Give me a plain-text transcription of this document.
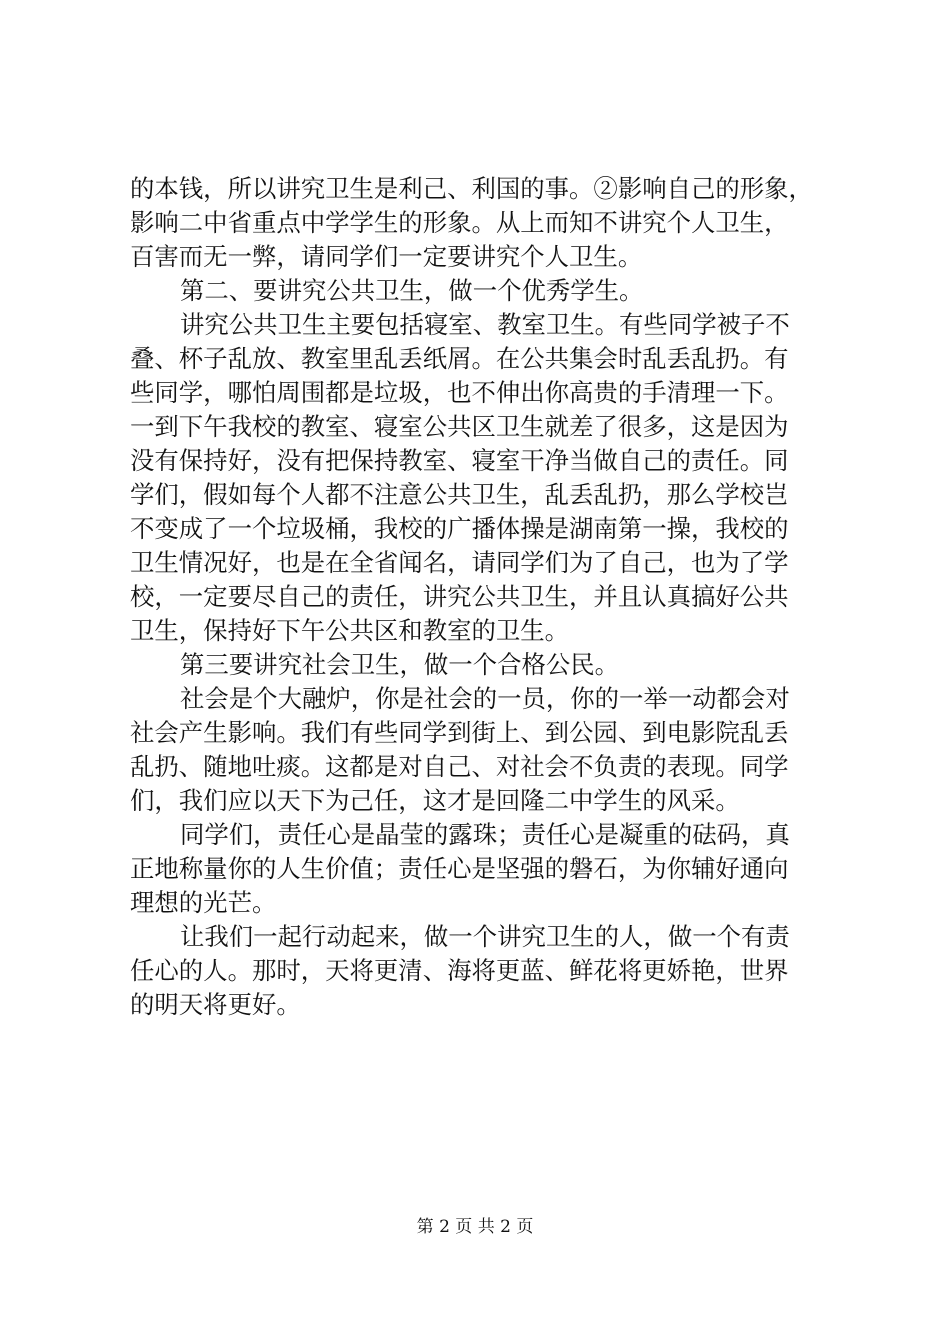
的本钱，所以讲究卫生是利己、利国的事。②影响自己的形象，
影响二中省重点中学学生的形象。从上而知不讲究个人卫生，
百害而无一弊，请同学们一定要讲究个人卫生。
第二、要讲究公共卫生，做一个优秀学生。
讲究公共卫生主要包括寝室、教室卫生。有些同学被子不
叠、杯子乱放、教室里乱丢纸屑。在公共集会时乱丢乱扔。有
些同学，哪怕周围都是垃圾，也不伸出你高贵的手清理一下。
一到下午我校的教室、寝室公共区卫生就差了很多，这是因为
没有保持好，没有把保持教室、寝室干净当做自己的责任。同
学们，假如每个人都不注意公共卫生，乱丢乱扔，那么学校岂
不变成了一个垃圾桶，我校的广播体操是湖南第一操，我校的
卫生情况好，也是在全省闻名，请同学们为了自己，也为了学
校，一定要尽自己的责任，讲究公共卫生，并且认真搞好公共
卫生，保持好下午公共区和教室的卫生。
第三要讲究社会卫生，做一个合格公民。
社会是个大融炉，你是社会的一员，你的一举一动都会对
社会产生影响。我们有些同学到街上、到公园、到电影院乱丢
乱扔、随地吐痰。这都是对自己、对社会不负责的表现。同学
们，我们应以天下为己任，这才是回隆二中学生的风采。
同学们，责任心是晶莹的露珠；责任心是凝重的砝码，真
正地称量你的人生价值；责任心是坚强的磐石，为你辅好通向
理想的光芒。
让我们一起行动起来，做一个讲究卫生的人，做一个有责
任心的人。那时，天将更清、海将更蓝、鲜花将更娇艳，世界
的明天将更好。
第 2 页 共 2 页
